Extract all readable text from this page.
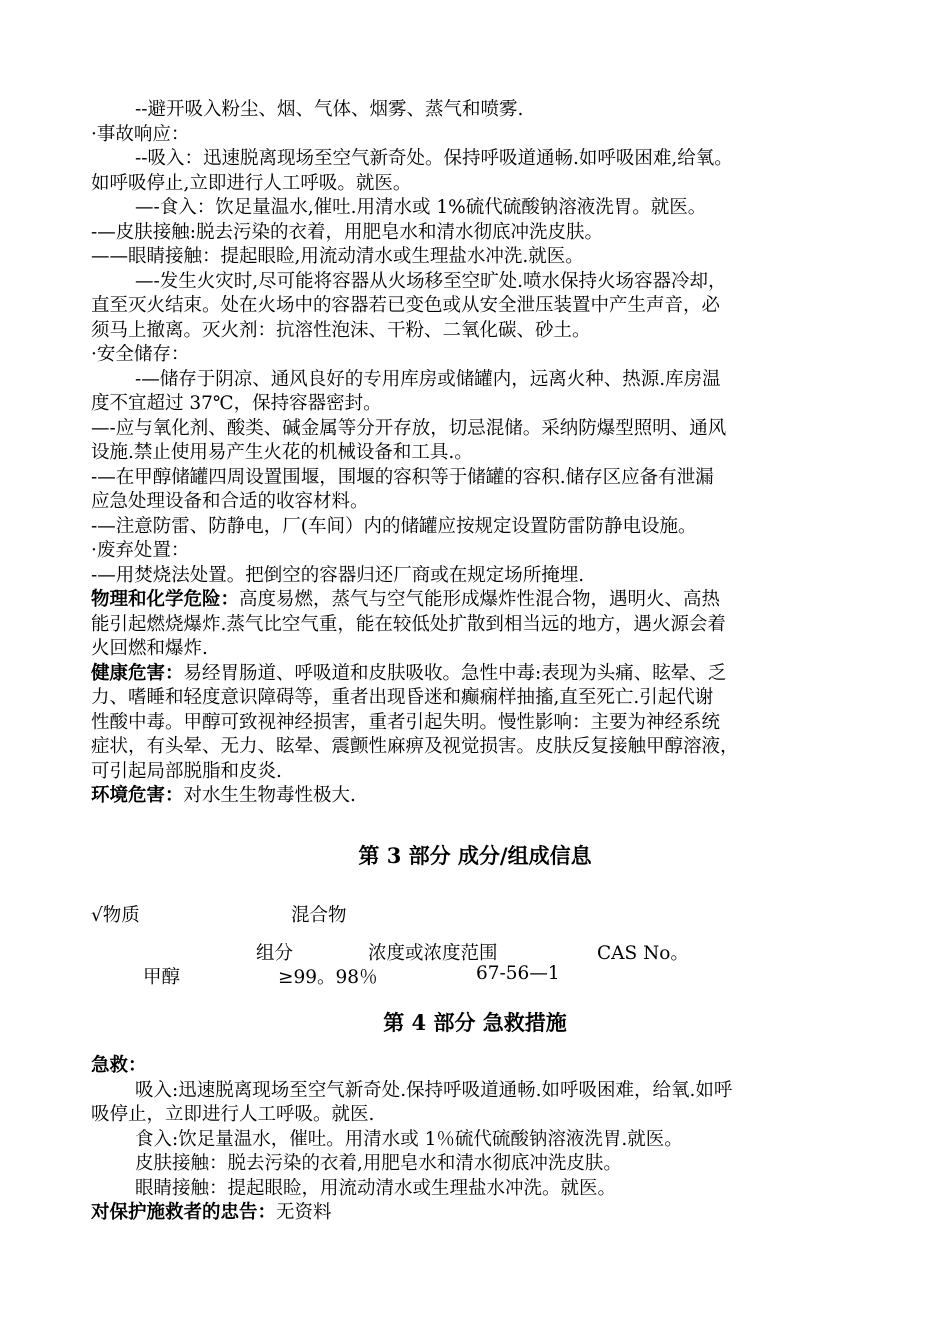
--避开吸入粉尘、烟、气体、烟雾、蒸气和喷雾.

·事故响应：

--吸入：迅速脱离现场至空气新奇处。保持呼吸道通畅.如呼吸困难,给氧。

如呼吸停止,立即进行人工呼吸。就医。

—-食入：饮足量温水,催吐.用清水或 1%硫代硫酸钠溶液洗胃。就医。

-—皮肤接触:脱去污染的衣着，用肥皂水和清水彻底冲洗皮肤。

——眼睛接触：提起眼睑,用流动清水或生理盐水冲洗.就医。

—-发生火灾时,尽可能将容器从火场移至空旷处.喷水保持火场容器冷却，

直至灭火结束。处在火场中的容器若已变色或从安全泄压装置中产生声音，必

须马上撤离。灭火剂：抗溶性泡沫、干粉、二氧化碳、砂土。

·安全储存：

-—储存于阴凉、通风良好的专用库房或储罐内，远离火种、热源.库房温

度不宜超过 37℃，保持容器密封。

—-应与氧化剂、酸类、碱金属等分开存放，切忌混储。采纳防爆型照明、通风

设施.禁止使用易产生火花的机械设备和工具.。

-—在甲醇储罐四周设置围堰，围堰的容积等于储罐的容积.储存区应备有泄漏

应急处理设备和合适的收容材料。

-—注意防雷、防静电，厂(车间）内的储罐应按规定设置防雷防静电设施。

·废弃处置：

-—用焚烧法处置。把倒空的容器归还厂商或在规定场所掩埋.

物理和化学危险：高度易燃，蒸气与空气能形成爆炸性混合物，遇明火、高热

能引起燃烧爆炸.蒸气比空气重，能在较低处扩散到相当远的地方，遇火源会着

火回燃和爆炸.

健康危害：易经胃肠道、呼吸道和皮肤吸收。急性中毒:表现为头痛、眩晕、乏

力、嗜睡和轻度意识障碍等，重者出现昏迷和癫痫样抽搐,直至死亡.引起代谢

性酸中毒。甲醇可致视神经损害，重者引起失明。慢性影响：主要为神经系统

症状，有头晕、无力、眩晕、震颤性麻痹及视觉损害。皮肤反复接触甲醇溶液，

可引起局部脱脂和皮炎.

环境危害：对水生生物毒性极大.

第 3 部分 成分/组成信息
√物质	混合物
组分	浓度或浓度范围	CAS No。
甲醇	≥99。98％	67-56—1
第 4 部分 急救措施

急救：

吸入:迅速脱离现场至空气新奇处.保持呼吸道通畅.如呼吸困难，给氧.如呼

吸停止，立即进行人工呼吸。就医.

食入:饮足量温水，催吐。用清水或 1％硫代硫酸钠溶液洗胃.就医。

皮肤接触：脱去污染的衣着,用肥皂水和清水彻底冲洗皮肤。

眼睛接触：提起眼睑，用流动清水或生理盐水冲洗。就医。

对保护施救者的忠告：无资料
